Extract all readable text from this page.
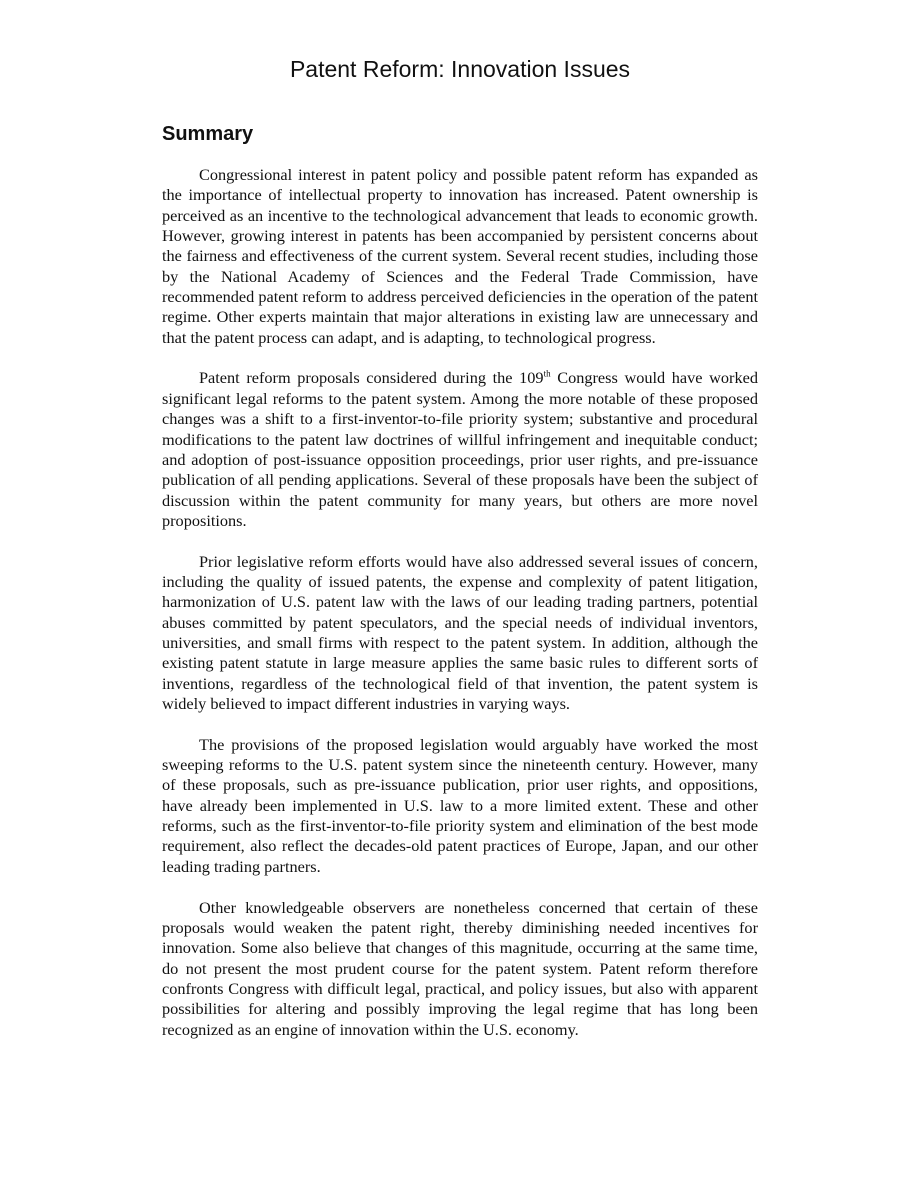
Patent Reform: Innovation Issues
Summary

Congressional interest in patent policy and possible patent reform has expanded as the importance of intellectual property to innovation has increased. Patent ownership is perceived as an incentive to the technological advancement that leads to economic growth. However, growing interest in patents has been accompanied by persistent concerns about the fairness and effectiveness of the current system. Several recent studies, including those by the National Academy of Sciences and the Federal Trade Commission, have recommended patent reform to address perceived deficiencies in the operation of the patent regime. Other experts maintain that major alterations in existing law are unnecessary and that the patent process can adapt, and is adapting, to technological progress.

Patent reform proposals considered during the 109th Congress would have worked significant legal reforms to the patent system. Among the more notable of these proposed changes was a shift to a first-inventor-to-file priority system; substantive and procedural modifications to the patent law doctrines of willful infringement and inequitable conduct; and adoption of post-issuance opposition proceedings, prior user rights, and pre-issuance publication of all pending applications. Several of these proposals have been the subject of discussion within the patent community for many years, but others are more novel propositions.

Prior legislative reform efforts would have also addressed several issues of concern, including the quality of issued patents, the expense and complexity of patent litigation, harmonization of U.S. patent law with the laws of our leading trading partners, potential abuses committed by patent speculators, and the special needs of individual inventors, universities, and small firms with respect to the patent system. In addition, although the existing patent statute in large measure applies the same basic rules to different sorts of inventions, regardless of the technological field of that invention, the patent system is widely believed to impact different industries in varying ways.

The provisions of the proposed legislation would arguably have worked the most sweeping reforms to the U.S. patent system since the nineteenth century. However, many of these proposals, such as pre-issuance publication, prior user rights, and oppositions, have already been implemented in U.S. law to a more limited extent. These and other reforms, such as the first-inventor-to-file priority system and elimination of the best mode requirement, also reflect the decades-old patent practices of Europe, Japan, and our other leading trading partners.

Other knowledgeable observers are nonetheless concerned that certain of these proposals would weaken the patent right, thereby diminishing needed incentives for innovation. Some also believe that changes of this magnitude, occurring at the same time, do not present the most prudent course for the patent system. Patent reform therefore confronts Congress with difficult legal, practical, and policy issues, but also with apparent possibilities for altering and possibly improving the legal regime that has long been recognized as an engine of innovation within the U.S. economy.
